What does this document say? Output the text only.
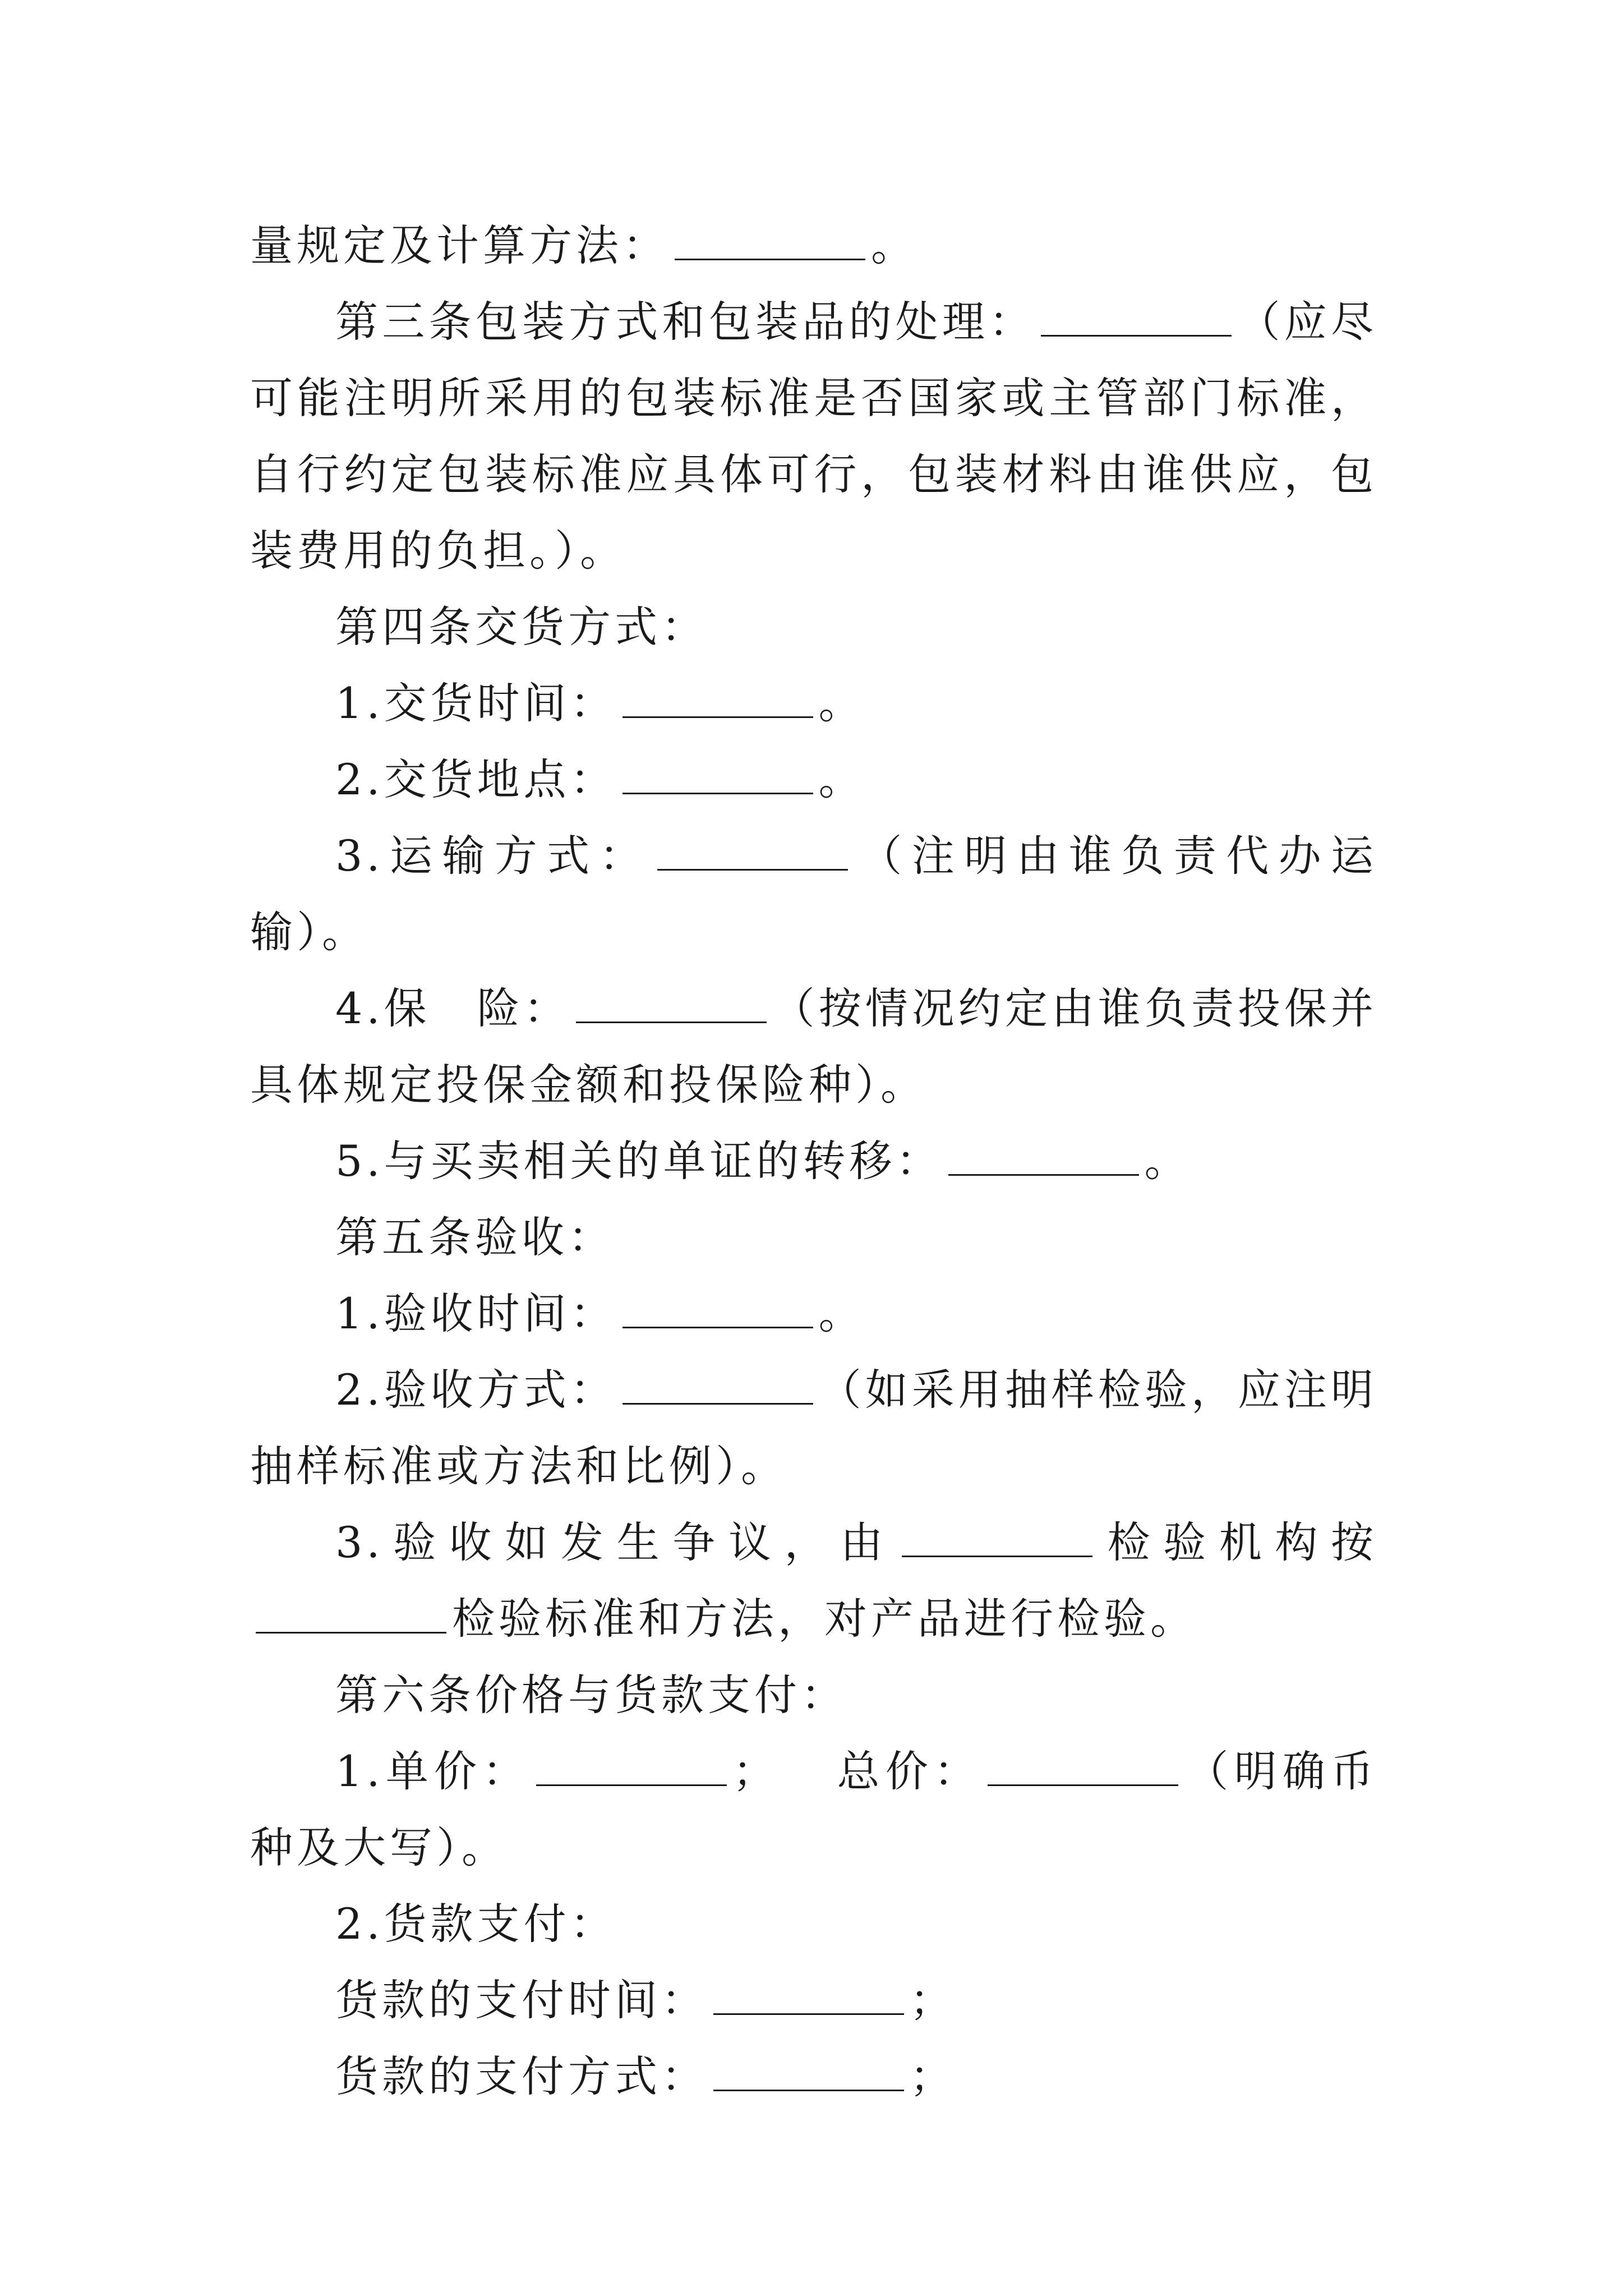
量规定及计算方法：	。

第三条包装方式和包装品的处理：	（应尽可能注明所采用的包装标准是否国家或主管部门标准，自行约定包装标准应具体可行，包装材料由谁供应，包装费用的负担。）。

第四条交货方式：

1.交货时间：	。

2.交货地点：	。

3.运输方式：	（注明由谁负责代办运输）。

4.保　险：	（按情况约定由谁负责投保并具体规定投保金额和投保险种）。

5.与买卖相关的单证的转移：	。

第五条验收：

1.验收时间：	。

2.验收方式：	（如采用抽样检验，应注明抽样标准或方法和比例）。

3.验收如发生争议，由	检验机构按检验标准和方法，对产品进行检验。

第六条价格与货款支付：

1.单价：	； 总价：	（明确币种及大写）。

2.货款支付：

货款的支付时间：	；

货款的支付方式：	；
